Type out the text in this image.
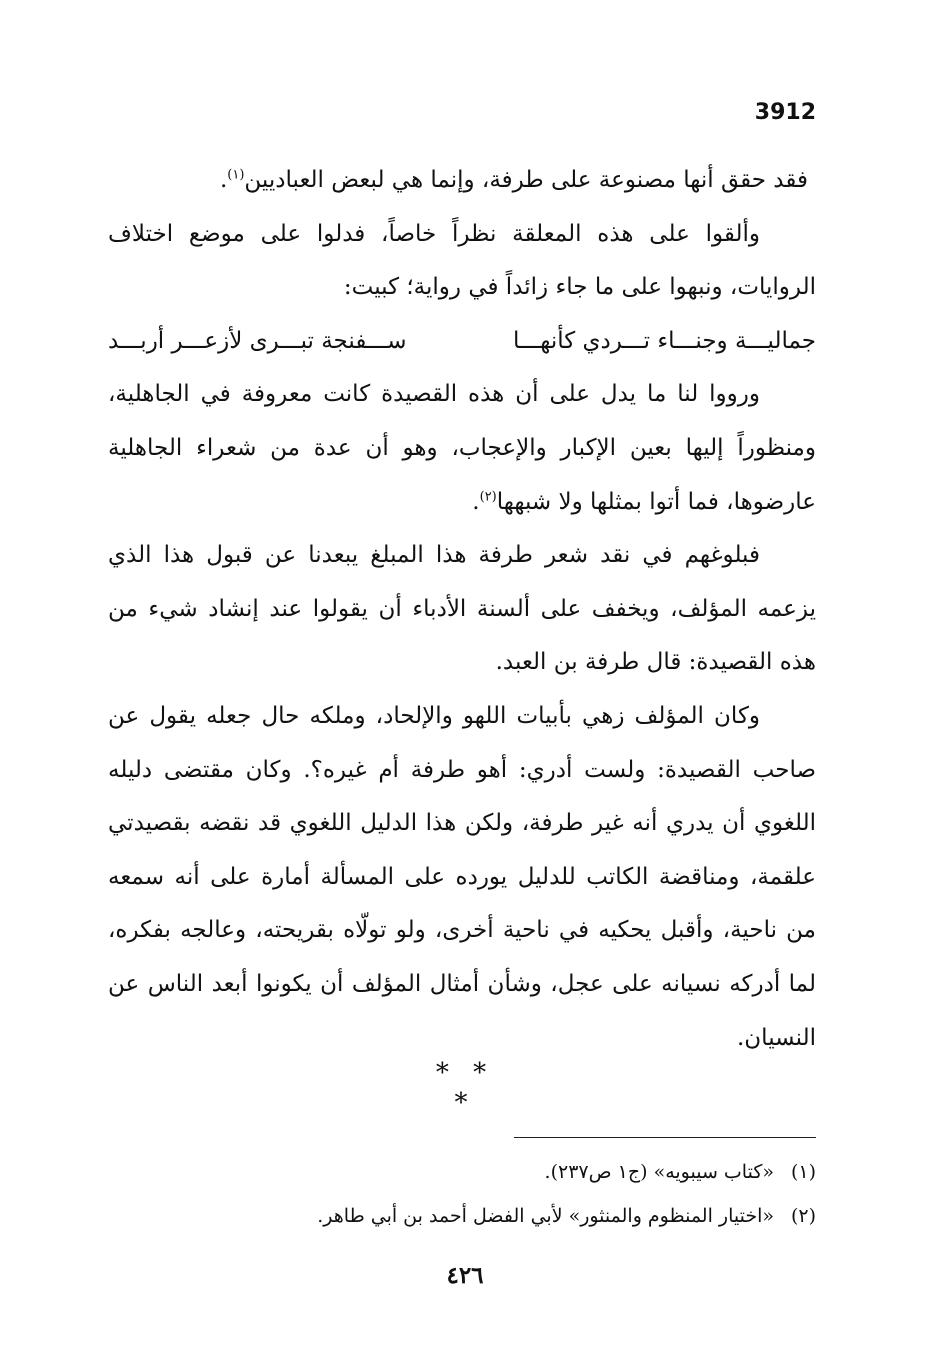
3912

فقد حقق أنها مصنوعة على طرفة، وإنما هي لبعض العباديين$^{(١)}$.

وألقوا على هذه المعلقة نظراً خاصاً، فدلوا على موضع اختلاف الروايات، ونبهوا على ما جاء زائداً في رواية؛ كبيت:

جماليـــة وجنـــاء تـــردي كأنهـــا
ســـفنجة تبـــرى لأزعـــر أربـــد

ورووا لنا ما يدل على أن هذه القصيدة كانت معروفة في الجاهلية، ومنظوراً إليها بعين الإكبار والإعجاب، وهو أن عدة من شعراء الجاهلية عارضوها، فما أتوا بمثلها ولا شبهها$^{(٢)}$.

فبلوغهم في نقد شعر طرفة هذا المبلغ يبعدنا عن قبول هذا الذي يزعمه المؤلف، ويخفف على ألسنة الأدباء أن يقولوا عند إنشاد شيء من هذه القصيدة: قال طرفة بن العبد.

وكان المؤلف زهي بأبيات اللهو والإلحاد، وملكه حال جعله يقول عن صاحب القصيدة: ولست أدري: أهو طرفة أم غيره؟. وكان مقتضى دليله اللغوي أن يدري أنه غير طرفة، ولكن هذا الدليل اللغوي قد نقضه بقصيدتي علقمة، ومناقضة الكاتب للدليل يورده على المسألة أمارة على أنه سمعه من ناحية، وأقبل يحكيه في ناحية أخرى، ولو تولّاه بقريحته، وعالجه بفكره، لما أدركه نسيانه على عجل، وشأن أمثال المؤلف أن يكونوا أبعد الناس عن النسيان.

* * *
(١)
«كتاب سيبويه» (ج١ ص٢٣٧).
(٢)
«اختيار المنظوم والمنثور» لأبي الفضل أحمد بن أبي طاهر.
٤٢٦
